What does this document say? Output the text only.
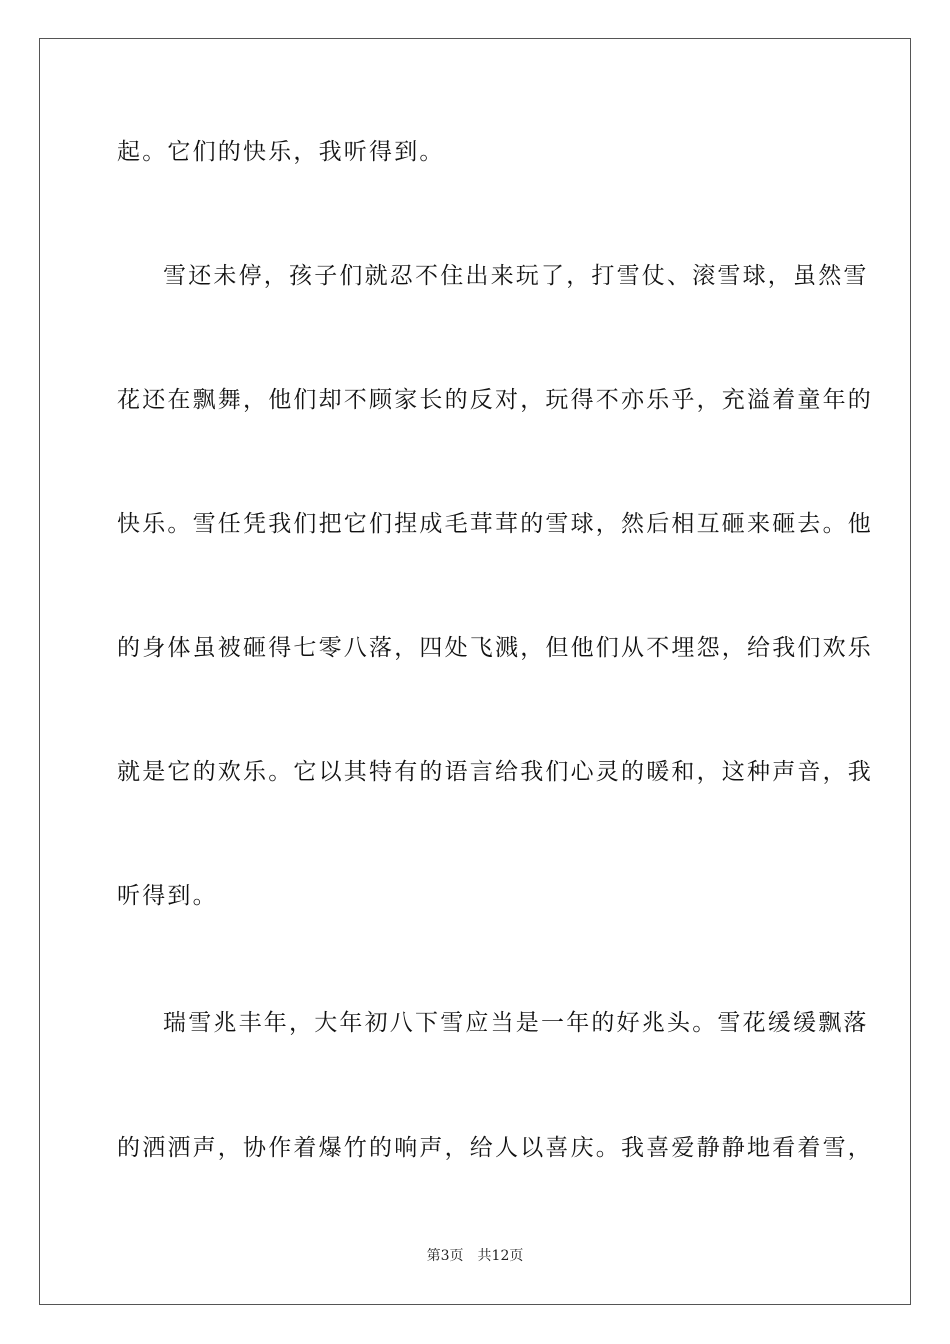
起。它们的快乐，我听得到。
雪还未停，孩子们就忍不住出来玩了，打雪仗、滚雪球，虽然雪
花还在飘舞，他们却不顾家长的反对，玩得不亦乐乎，充溢着童年的
快乐。雪任凭我们把它们捏成毛茸茸的雪球，然后相互砸来砸去。他
的身体虽被砸得七零八落，四处飞溅，但他们从不埋怨，给我们欢乐
就是它的欢乐。它以其特有的语言给我们心灵的暖和，这种声音，我
听得到。
瑞雪兆丰年，大年初八下雪应当是一年的好兆头。雪花缓缓飘落
的洒洒声，协作着爆竹的响声，给人以喜庆。我喜爱静静地看着雪，
第3页 共12页
